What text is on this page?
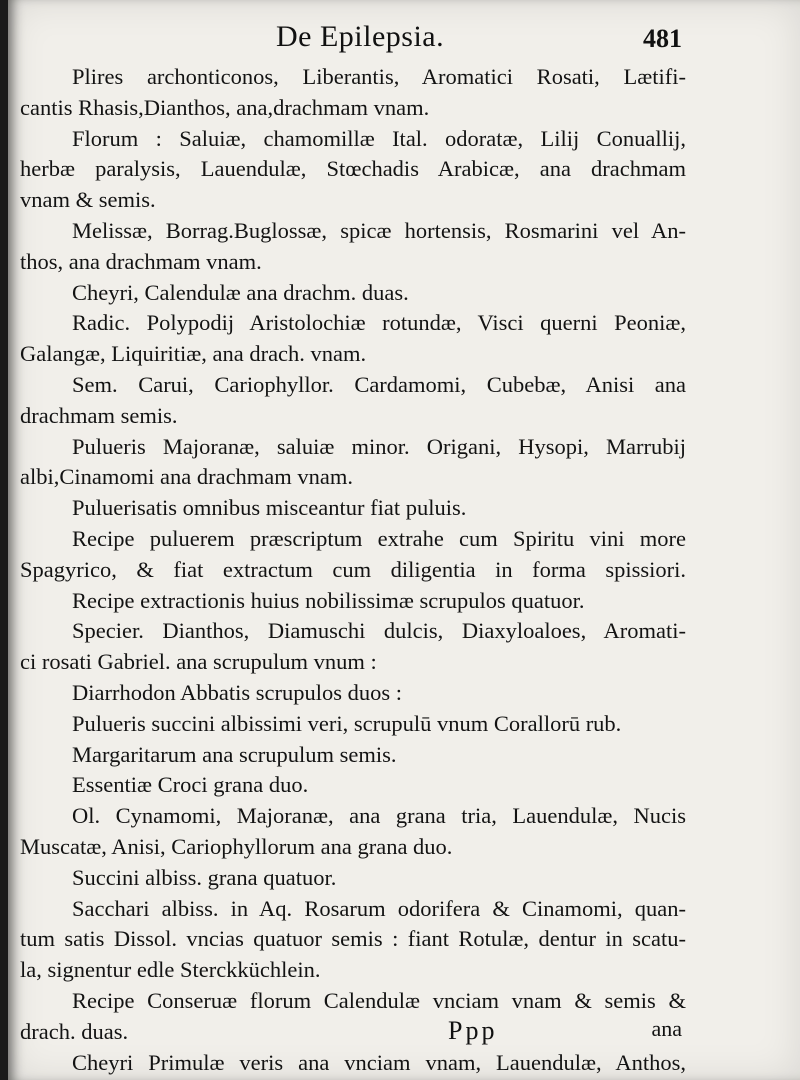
De Epilepsia.	481
Plires archonticonos, Liberantis, Aromatici Rosati, Lætifi-
cantis Rhasis,Dianthos, ana,drachmam vnam.
Florum : Saluiæ, chamomillæ Ital. odoratæ, Lilij Conuallij,
herbæ paralysis, Lauendulæ, Stœchadis Arabicæ, ana drachmam
vnam & semis.
Melissæ, Borrag.Buglossæ, spicæ hortensis, Rosmarini vel An-
thos, ana drachmam vnam.
Cheyri, Calendulæ ana drachm. duas.
Radic. Polypodij Aristolochiæ rotundæ, Visci querni Peoniæ,
Galangæ, Liquiritiæ, ana drach. vnam.
Sem. Carui, Cariophyllor. Cardamomi, Cubebæ, Anisi ana
drachmam semis.
Pulueris Majoranæ, saluiæ minor. Origani, Hysopi, Marrubij
albi,Cinamomi ana drachmam vnam.
Puluerisatis omnibus misceantur fiat puluis.
Recipe puluerem præscriptum extrahe cum Spiritu vini more
Spagyrico, & fiat extractum cum diligentia in forma spissiori.
Recipe extractionis huius nobilissimæ scrupulos quatuor.
Specier. Dianthos, Diamuschi dulcis, Diaxyloaloes, Aromati-
ci rosati Gabriel. ana scrupulum vnum :
Diarrhodon Abbatis scrupulos duos :
Pulueris succini albissimi veri, scrupulū vnum Corallorū rub.
Margaritarum ana scrupulum semis.
Essentiæ Croci grana duo.
Ol. Cynamomi, Majoranæ, ana grana tria, Lauendulæ, Nucis
Muscatæ, Anisi, Cariophyllorum ana grana duo.
Succini albiss. grana quatuor.
Sacchari albiss. in Aq. Rosarum odorifera & Cinamomi, quan-
tum satis Dissol. vncias quatuor semis : fiant Rotulæ, dentur in scatu-
la, signentur edle Sterckküchlein.
Recipe Conseruæ florum Calendulæ vnciam vnam & semis &
drach. duas.
Cheyri Primulæ veris ana vnciam vnam, Lauendulæ, Anthos,
Ppp	ana
